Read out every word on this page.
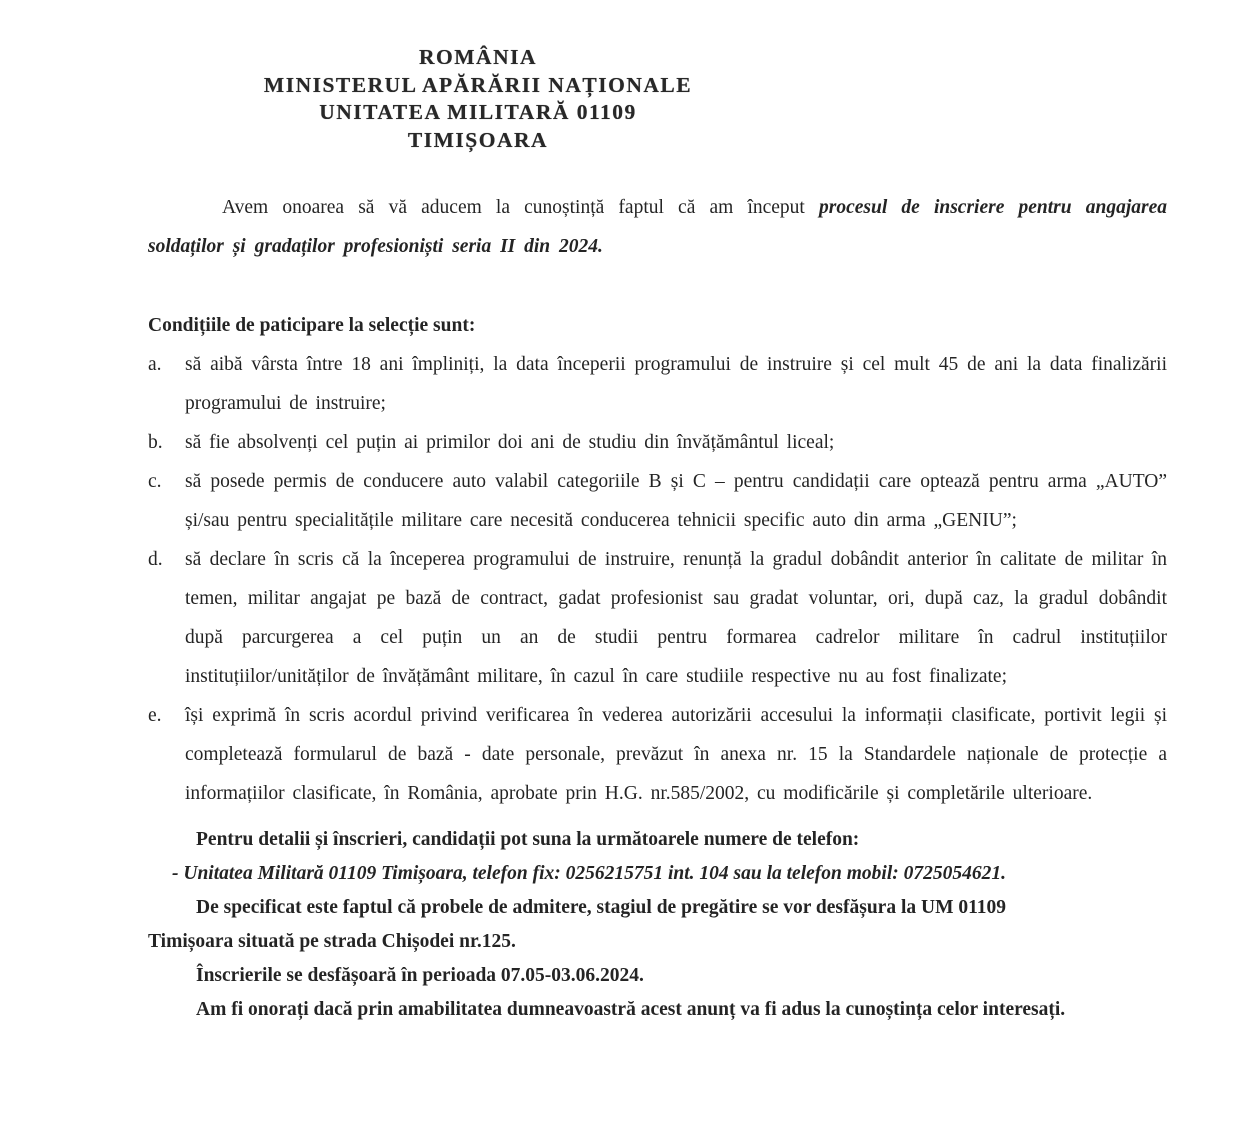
ROMÂNIA
MINISTERUL APĂRĂRII NAȚIONALE
UNITATEA MILITARĂ 01109
TIMIȘOARA

Avem onoarea să vă aducem la cunoștință faptul că am început procesul de inscriere pentru angajarea soldaților și gradaților profesioniști seria II din 2024.

Condițiile de paticipare la selecție sunt:

a. să aibă vârsta între 18 ani împliniți, la data începerii programului de instruire și cel mult 45 de ani la data finalizării programului de instruire;
b. să fie absolvenți cel puțin ai primilor doi ani de studiu din învățământul liceal;
c. să posede permis de conducere auto valabil categoriile B și C – pentru candidații care optează pentru arma „AUTO” și/sau pentru specialitățile militare care necesită conducerea tehnicii specific auto din arma „GENIU”;
d. să declare în scris că la începerea programului de instruire, renunță la gradul dobândit anterior în calitate de militar în temen, militar angajat pe bază de contract, gadat profesionist sau gradat voluntar, ori, după caz, la gradul dobândit după parcurgerea a cel puțin un an de studii pentru formarea cadrelor militare în cadrul instituțiilor instituțiilor/unităților de învățământ militare, în cazul în care studiile respective nu au fost finalizate;
e. își exprimă în scris acordul privind verificarea în vederea autorizării accesului la informații clasificate, portivit legii și completează formularul de bază - date personale, prevăzut în anexa nr. 15 la Standardele naționale de protecție a informațiilor clasificate, în România, aprobate prin H.G. nr.585/2002, cu modificările și completările ulterioare.

Pentru detalii și înscrieri, candidații pot suna la următoarele numere de telefon:

- Unitatea Militară 01109 Timișoara, telefon fix: 0256215751 int. 104 sau la telefon mobil: 0725054621.

De specificat este faptul că probele de admitere, stagiul de pregătire se vor desfășura la UM 01109

Timișoara situată pe strada Chișodei nr.125.

Înscrierile se desfășoară în perioada 07.05-03.06.2024.

Am fi onorați dacă prin amabilitatea dumneavoastră acest anunț va fi adus la cunoștința celor interesați.
